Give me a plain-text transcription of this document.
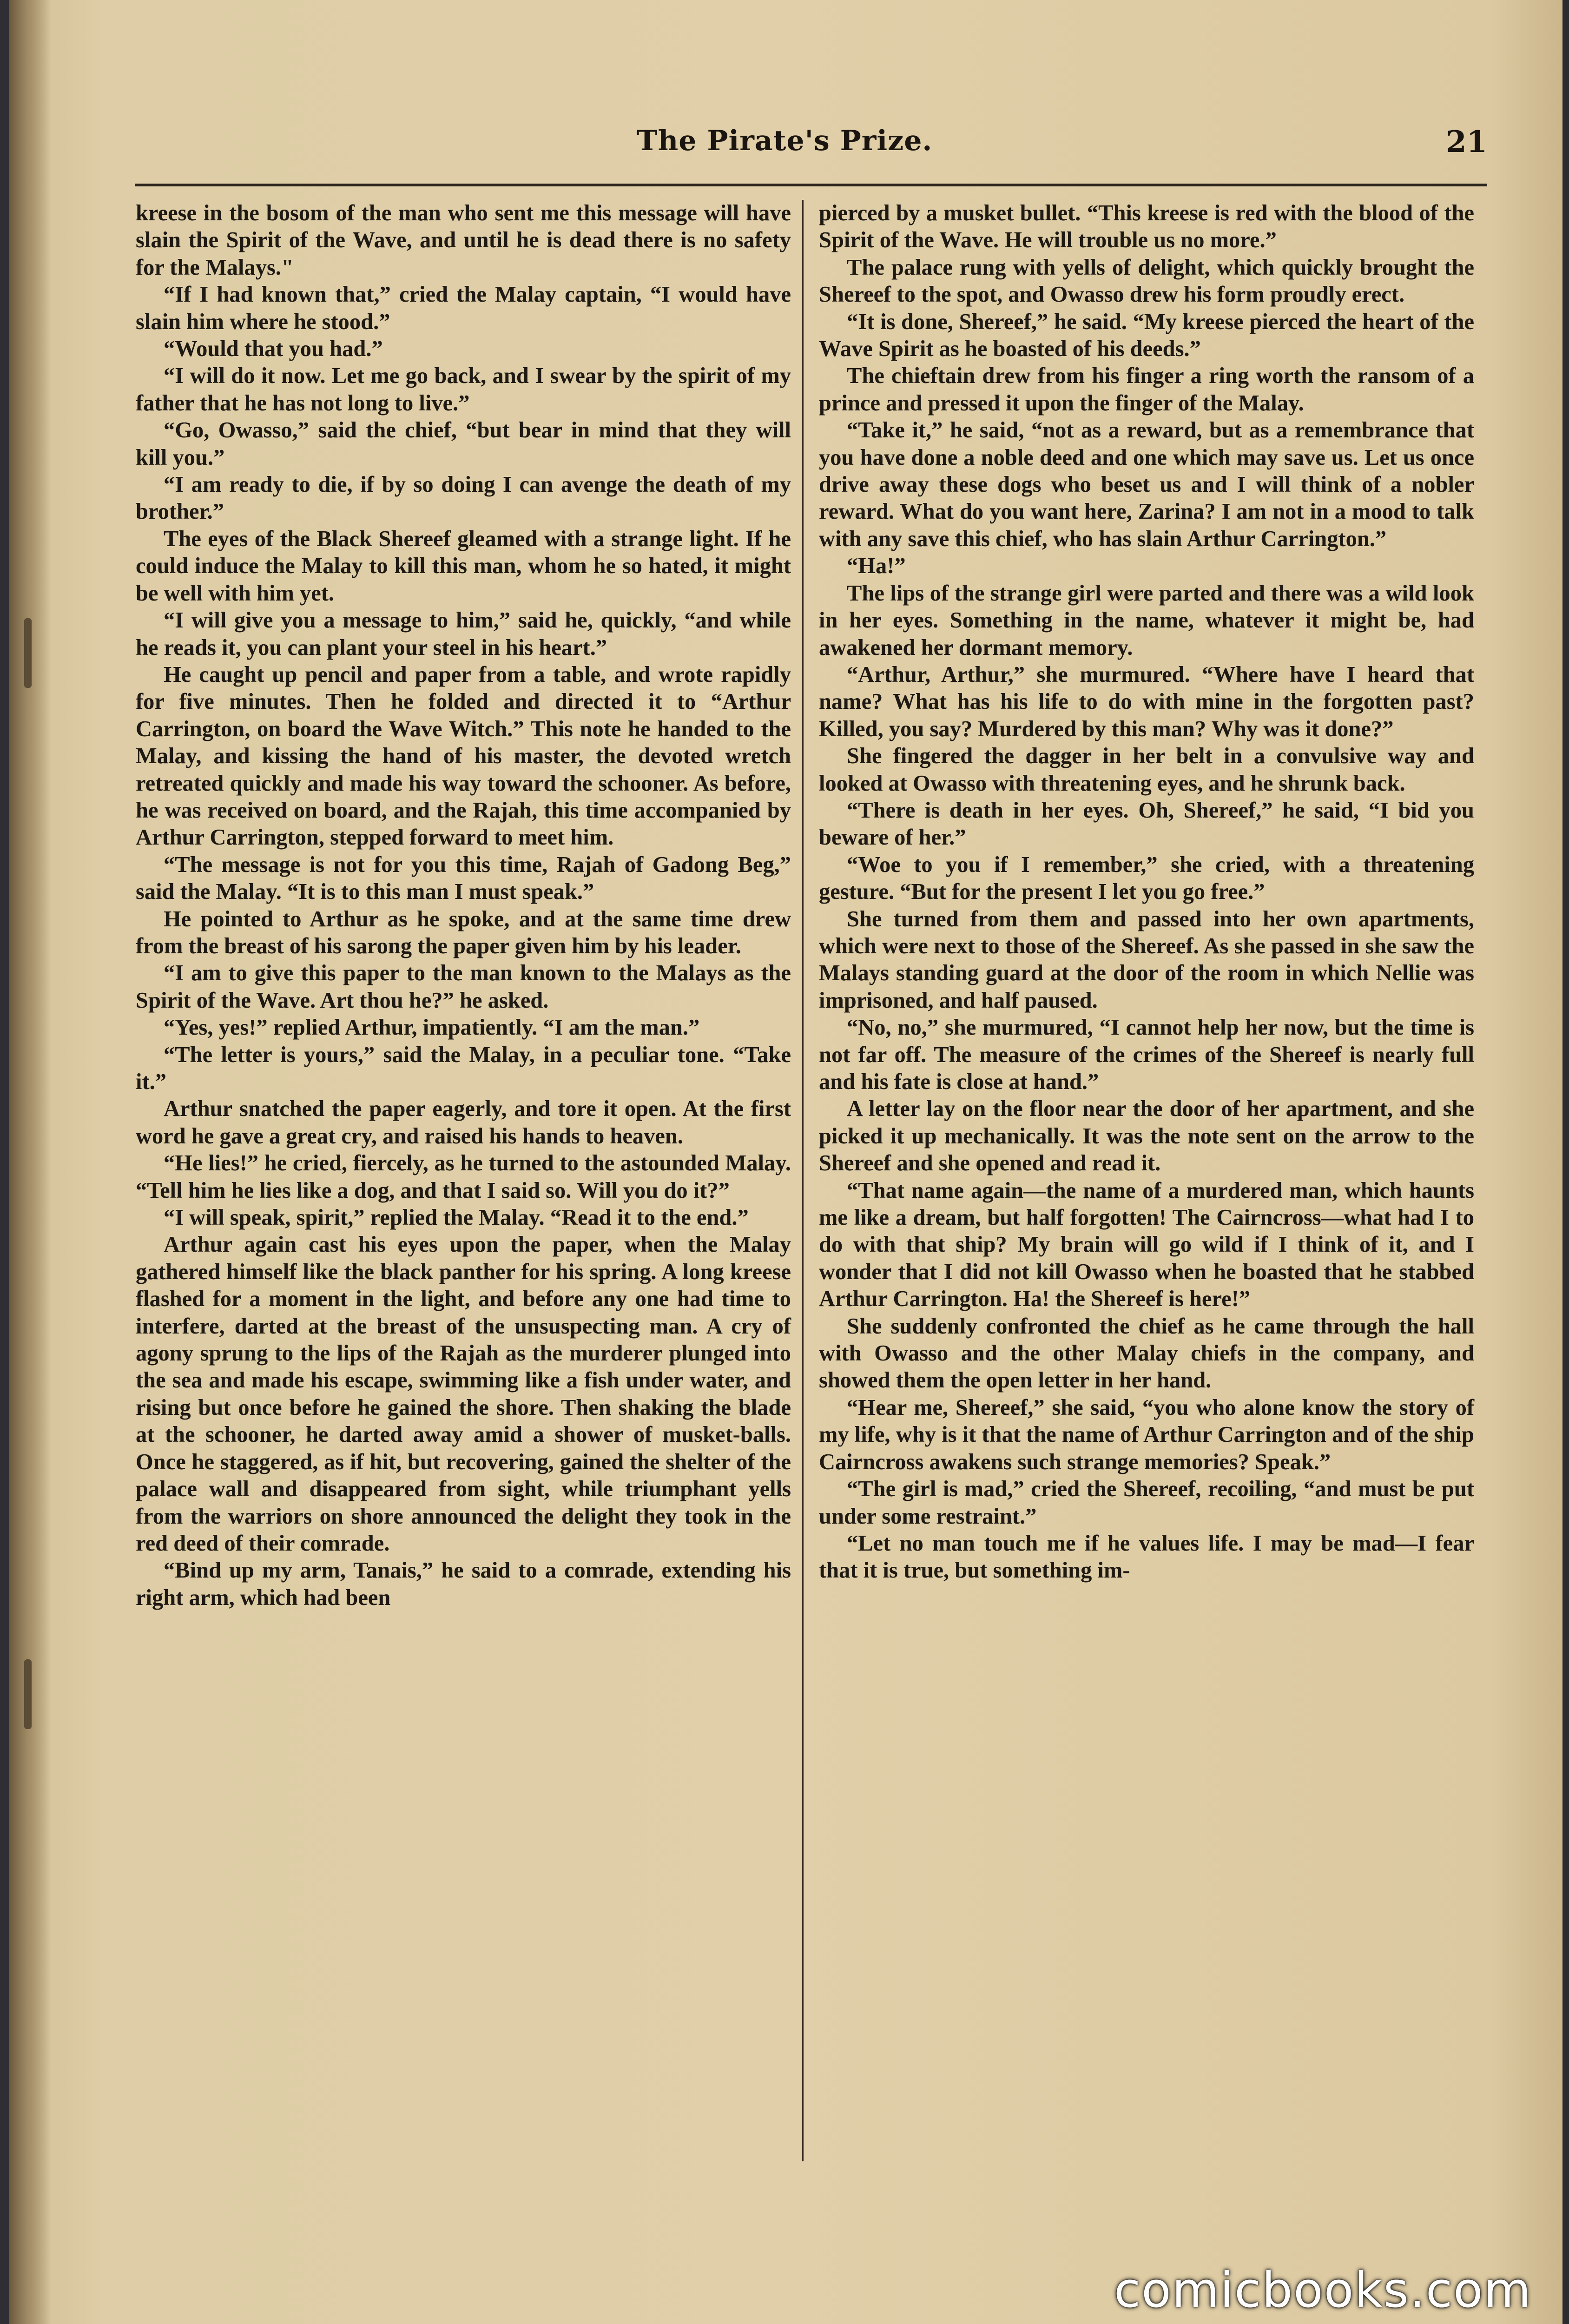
The Pirate's Prize.	21

kreese in the bosom of the man who sent me this message will have slain the Spirit of the Wave, and until he is dead there is no safety for the Malays."

“If I had known that,” cried the Malay captain, “I would have slain him where he stood.”

“Would that you had.”

“I will do it now. Let me go back, and I swear by the spirit of my father that he has not long to live.”

“Go, Owasso,” said the chief, “but bear in mind that they will kill you.”

“I am ready to die, if by so doing I can avenge the death of my brother.”

The eyes of the Black Shereef gleamed with a strange light. If he could induce the Malay to kill this man, whom he so hated, it might be well with him yet.

“I will give you a message to him,” said he, quickly, “and while he reads it, you can plant your steel in his heart.”

He caught up pencil and paper from a table, and wrote rapidly for five minutes. Then he folded and directed it to “Arthur Carrington, on board the Wave Witch.” This note he handed to the Malay, and kissing the hand of his master, the devoted wretch retreated quickly and made his way toward the schooner. As before, he was received on board, and the Rajah, this time accompanied by Arthur Carrington, stepped forward to meet him.

“The message is not for you this time, Rajah of Gadong Beg,” said the Malay. “It is to this man I must speak.”

He pointed to Arthur as he spoke, and at the same time drew from the breast of his sarong the paper given him by his leader.

“I am to give this paper to the man known to the Malays as the Spirit of the Wave. Art thou he?” he asked.

“Yes, yes!” replied Arthur, impatiently. “I am the man.”

“The letter is yours,” said the Malay, in a peculiar tone. “Take it.”

Arthur snatched the paper eagerly, and tore it open. At the first word he gave a great cry, and raised his hands to heaven.

“He lies!” he cried, fiercely, as he turned to the astounded Malay. “Tell him he lies like a dog, and that I said so. Will you do it?”

“I will speak, spirit,” replied the Malay. “Read it to the end.”

Arthur again cast his eyes upon the paper, when the Malay gathered himself like the black panther for his spring. A long kreese flashed for a moment in the light, and before any one had time to interfere, darted at the breast of the unsuspecting man. A cry of agony sprung to the lips of the Rajah as the murderer plunged into the sea and made his escape, swimming like a fish under water, and rising but once before he gained the shore. Then shaking the blade at the schooner, he darted away amid a shower of musket-balls. Once he staggered, as if hit, but recovering, gained the shelter of the palace wall and disappeared from sight, while triumphant yells from the warriors on shore announced the delight they took in the red deed of their comrade.

“Bind up my arm, Tanais,” he said to a comrade, extending his right arm, which had been

pierced by a musket bullet. “This kreese is red with the blood of the Spirit of the Wave. He will trouble us no more.”

The palace rung with yells of delight, which quickly brought the Shereef to the spot, and Owasso drew his form proudly erect.

“It is done, Shereef,” he said. “My kreese pierced the heart of the Wave Spirit as he boasted of his deeds.”

The chieftain drew from his finger a ring worth the ransom of a prince and pressed it upon the finger of the Malay.

“Take it,” he said, “not as a reward, but as a remembrance that you have done a noble deed and one which may save us. Let us once drive away these dogs who beset us and I will think of a nobler reward. What do you want here, Zarina? I am not in a mood to talk with any save this chief, who has slain Arthur Carrington.”

“Ha!”

The lips of the strange girl were parted and there was a wild look in her eyes. Something in the name, whatever it might be, had awakened her dormant memory.

“Arthur, Arthur,” she murmured. “Where have I heard that name? What has his life to do with mine in the forgotten past? Killed, you say? Murdered by this man? Why was it done?”

She fingered the dagger in her belt in a convulsive way and looked at Owasso with threatening eyes, and he shrunk back.

“There is death in her eyes. Oh, Shereef,” he said, “I bid you beware of her.”

“Woe to you if I remember,” she cried, with a threatening gesture. “But for the present I let you go free.”

She turned from them and passed into her own apartments, which were next to those of the Shereef. As she passed in she saw the Malays standing guard at the door of the room in which Nellie was imprisoned, and half paused.

“No, no,” she murmured, “I cannot help her now, but the time is not far off. The measure of the crimes of the Shereef is nearly full and his fate is close at hand.”

A letter lay on the floor near the door of her apartment, and she picked it up mechanically. It was the note sent on the arrow to the Shereef and she opened and read it.

“That name again—the name of a murdered man, which haunts me like a dream, but half forgotten! The Cairncross—what had I to do with that ship? My brain will go wild if I think of it, and I wonder that I did not kill Owasso when he boasted that he stabbed Arthur Carrington. Ha! the Shereef is here!”

She suddenly confronted the chief as he came through the hall with Owasso and the other Malay chiefs in the company, and showed them the open letter in her hand.

“Hear me, Shereef,” she said, “you who alone know the story of my life, why is it that the name of Arthur Carrington and of the ship Cairncross awakens such strange memories? Speak.”

“The girl is mad,” cried the Shereef, recoiling, “and must be put under some restraint.”

“Let no man touch me if he values life. I may be mad—I fear that it is true, but something im-

comicbooks.com
